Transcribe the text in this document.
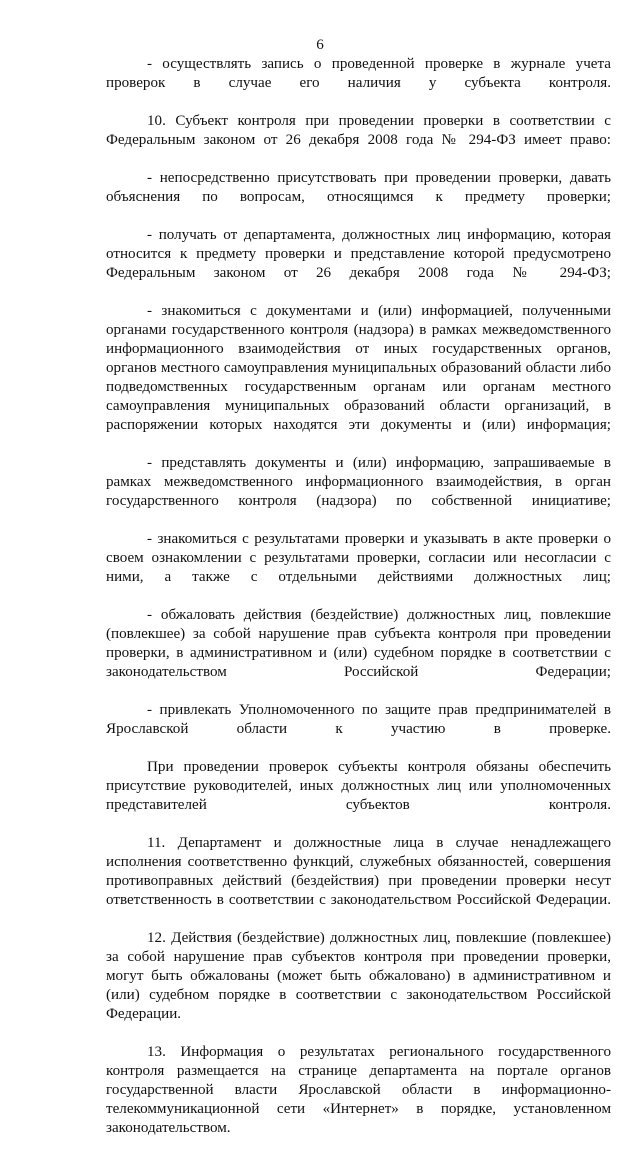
6

- осуществлять запись о проведенной проверке в журнале учета проверок в случае его наличия у субъекта контроля.

10. Субъект контроля при проведении проверки в соответствии с Федеральным законом от 26 декабря 2008 года № 294-ФЗ имеет право:

- непосредственно присутствовать при проведении проверки, давать объяснения по вопросам, относящимся к предмету проверки;

- получать от департамента, должностных лиц информацию, которая относится к предмету проверки и представление которой предусмотрено Федеральным законом от 26 декабря 2008 года № 294-ФЗ;

- знакомиться с документами и (или) информацией, полученными органами государственного контроля (надзора) в рамках межведомственного информационного взаимодействия от иных государственных органов, органов местного самоуправления муниципальных образований области либо подведомственных государственным органам или органам местного самоуправления муниципальных образований области организаций, в распоряжении которых находятся эти документы и (или) информация;

- представлять документы и (или) информацию, запрашиваемые в рамках межведомственного информационного взаимодействия, в орган государственного контроля (надзора) по собственной инициативе;

- знакомиться с результатами проверки и указывать в акте проверки о своем ознакомлении с результатами проверки, согласии или несогласии с ними, а также с отдельными действиями должностных лиц;

- обжаловать действия (бездействие) должностных лиц, повлекшие (повлекшее) за собой нарушение прав субъекта контроля при проведении проверки, в административном и (или) судебном порядке в соответствии с законодательством Российской Федерации;

- привлекать Уполномоченного по защите прав предпринимателей в Ярославской области к участию в проверке.

При проведении проверок субъекты контроля обязаны обеспечить присутствие руководителей, иных должностных лиц или уполномоченных представителей субъектов контроля.

11. Департамент и должностные лица в случае ненадлежащего исполнения соответственно функций, служебных обязанностей, совершения противоправных действий (бездействия) при проведении проверки несут ответственность в соответствии с законодательством Российской Федерации.

12. Действия (бездействие) должностных лиц, повлекшие (повлекшее) за собой нарушение прав субъектов контроля при проведении проверки, могут быть обжалованы (может быть обжаловано) в административном и (или) судебном порядке в соответствии с законодательством Российской Федерации.

13. Информация о результатах регионального государственного контроля размещается на странице департамента на портале органов государственной власти Ярославской области в информационно-телекоммуникационной сети «Интернет» в порядке, установленном законодательством.
